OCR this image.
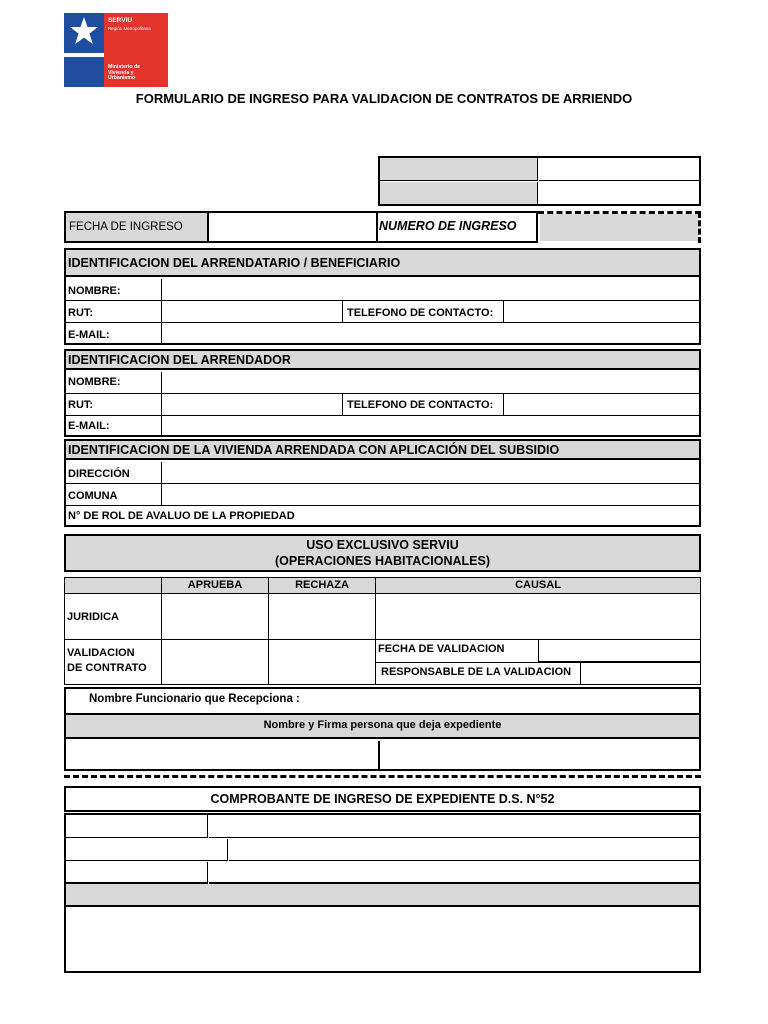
SERVIU
Región Metropolitana
Ministerio de Vivienda y Urbanismo
FORMULARIO DE INGRESO PARA VALIDACION DE CONTRATOS DE ARRIENDO
FECHA DE INGRESO	NUMERO DE INGRESO
IDENTIFICACION DEL ARRENDATARIO / BENEFICIARIO
NOMBRE:
RUT:	TELEFONO DE CONTACTO:
E-MAIL:
IDENTIFICACION DEL ARRENDADOR
NOMBRE:
RUT:	TELEFONO DE CONTACTO:
E-MAIL:
IDENTIFICACION DE LA VIVIENDA ARRENDADA CON APLICACIÓN DEL SUBSIDIO
DIRECCIÓN
COMUNA
N° DE ROL DE AVALUO DE LA PROPIEDAD
USO EXCLUSIVO SERVIU
(OPERACIONES HABITACIONALES)
APRUEBA	RECHAZA	CAUSAL
JURIDICA
VALIDACION
DE CONTRATO
FECHA DE VALIDACION
RESPONSABLE DE LA VALIDACION
Nombre Funcionario que Recepciona :
Nombre y Firma persona que deja expediente
COMPROBANTE DE INGRESO DE EXPEDIENTE D.S. N°52
